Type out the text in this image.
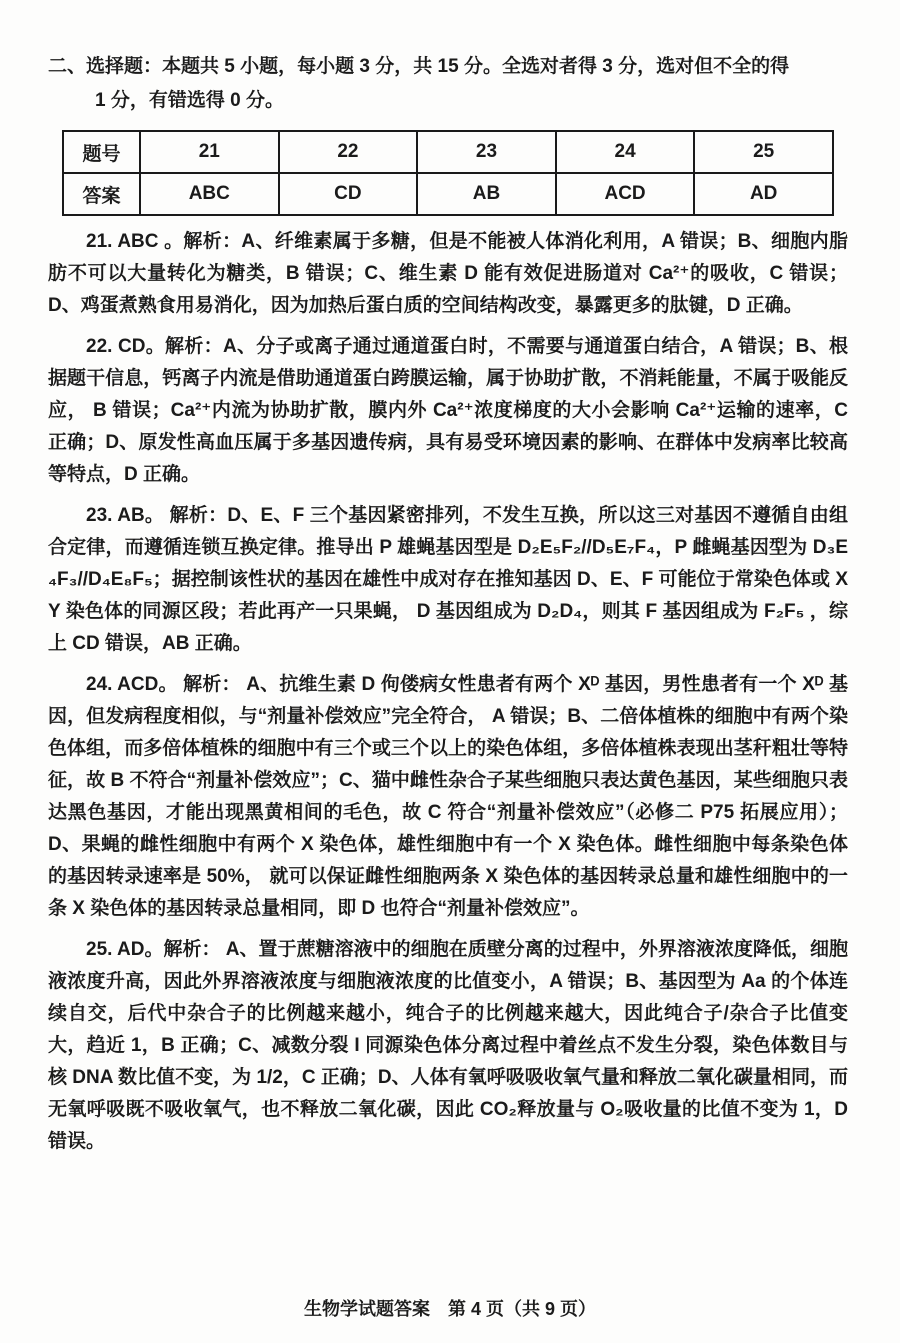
二、选择题：本题共 5 小题，每小题 3 分，共 15 分。全选对者得 3 分，选对但不全的得
1 分，有错选得 0 分。
题号	21	22	23	24	25
答案	ABC	CD	AB	ACD	AD

21. ABC 。解析：A、纤维素属于多糖，但是不能被人体消化利用，A 错误；B、细胞内脂肪不可以大量转化为糖类，B 错误；C、维生素 D 能有效促进肠道对 Ca²⁺的吸收，C 错误；D、鸡蛋煮熟食用易消化，因为加热后蛋白质的空间结构改变，暴露更多的肽键，D 正确。

22. CD。解析：A、分子或离子通过通道蛋白时，不需要与通道蛋白结合，A 错误；B、根据题干信息，钙离子内流是借助通道蛋白跨膜运输，属于协助扩散，不消耗能量，不属于吸能反应， B 错误；Ca²⁺内流为协助扩散，膜内外 Ca²⁺浓度梯度的大小会影响 Ca²⁺运输的速率，C 正确；D、原发性高血压属于多基因遗传病，具有易受环境因素的影响、在群体中发病率比较高等特点，D 正确。

23. AB。 解析：D、E、F 三个基因紧密排列，不发生互换，所以这三对基因不遵循自由组合定律，而遵循连锁互换定律。推导出 P 雄蝇基因型是 D₂E₅F₂//D₅E₇F₄，P 雌蝇基因型为 D₃E₄F₃//D₄E₈F₅；据控制该性状的基因在雄性中成对存在推知基因 D、E、F 可能位于常染色体或 XY 染色体的同源区段；若此再产一只果蝇， D 基因组成为 D₂D₄，则其 F 基因组成为 F₂F₅ ，综上 CD 错误，AB 正确。

24. ACD。 解析： A、抗维生素 D 佝偻病女性患者有两个 Xᴰ 基因，男性患者有一个 Xᴰ 基因，但发病程度相似，与“剂量补偿效应”完全符合， A 错误；B、二倍体植株的细胞中有两个染色体组，而多倍体植株的细胞中有三个或三个以上的染色体组，多倍体植株表现出茎秆粗壮等特征，故 B 不符合“剂量补偿效应”；C、猫中雌性杂合子某些细胞只表达黄色基因，某些细胞只表达黑色基因，才能出现黑黄相间的毛色，故 C 符合“剂量补偿效应”（必修二 P75 拓展应用）；D、果蝇的雌性细胞中有两个 X 染色体，雄性细胞中有一个 X 染色体。雌性细胞中每条染色体的基因转录速率是 50%， 就可以保证雌性细胞两条 X 染色体的基因转录总量和雄性细胞中的一条 X 染色体的基因转录总量相同，即 D 也符合“剂量补偿效应”。

25. AD。解析： A、置于蔗糖溶液中的细胞在质壁分离的过程中，外界溶液浓度降低，细胞液浓度升高，因此外界溶液浓度与细胞液浓度的比值变小，A 错误；B、基因型为 Aa 的个体连续自交，后代中杂合子的比例越来越小，纯合子的比例越来越大，因此纯合子/杂合子比值变大，趋近 1，B 正确；C、减数分裂 I 同源染色体分离过程中着丝点不发生分裂，染色体数目与核 DNA 数比值不变，为 1/2，C 正确；D、人体有氧呼吸吸收氧气量和释放二氧化碳量相同，而无氧呼吸既不吸收氧气，也不释放二氧化碳，因此 CO₂释放量与 O₂吸收量的比值不变为 1，D 错误。

生物学试题答案　第 4 页（共 9 页）
